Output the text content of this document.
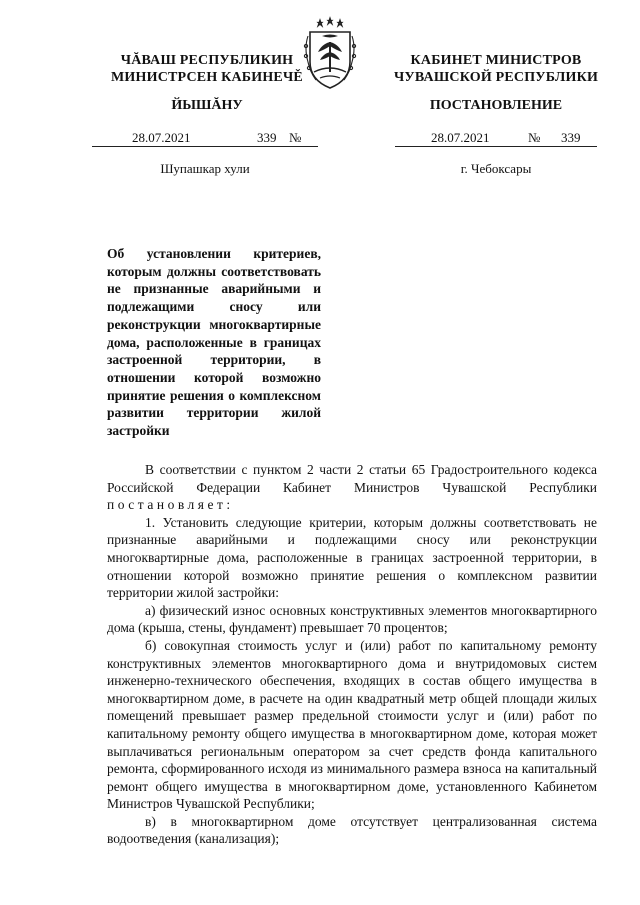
ЧĂВАШ РЕСПУБЛИКИН
МИНИСТРСЕН КАБИНЕЧĚ
ЙЫШĂНУ
КАБИНЕТ МИНИСТРОВ
ЧУВАШСКОЙ РЕСПУБЛИКИ
ПОСТАНОВЛЕНИЕ
28.07.2021	339 №	28.07.2021	№ 339
Шупашкар хули	г. Чебоксары
Об установлении критериев, которым должны соответствовать не признанные аварийными и подлежащими сносу или реконструкции многоквартирные дома, расположенные в границах застроенной территории, в отношении которой возможно принятие решения о комплексном развитии территории жилой застройки

В соответствии с пунктом 2 части 2 статьи 65 Градостроительного кодекса Российской Федерации Кабинет Министров Чувашской Республики постановляет:

1. Установить следующие критерии, которым должны соответствовать не признанные аварийными и подлежащими сносу или реконструкции многоквартирные дома, расположенные в границах застроенной территории, в отношении которой возможно принятие решения о комплексном развитии территории жилой застройки:

а) физический износ основных конструктивных элементов многоквартирного дома (крыша, стены, фундамент) превышает 70 процентов;

б) совокупная стоимость услуг и (или) работ по капитальному ремонту конструктивных элементов многоквартирного дома и внутридомовых систем инженерно-технического обеспечения, входящих в состав общего имущества в многоквартирном доме, в расчете на один квадратный метр общей площади жилых помещений превышает размер предельной стоимости услуг и (или) работ по капитальному ремонту общего имущества в многоквартирном доме, которая может выплачиваться региональным оператором за счет средств фонда капитального ремонта, сформированного исходя из минимального размера взноса на капитальный ремонт общего имущества в многоквартирном доме, установленного Кабинетом Министров Чувашской Республики;

в) в многоквартирном доме отсутствует централизованная система водоотведения (канализация);
